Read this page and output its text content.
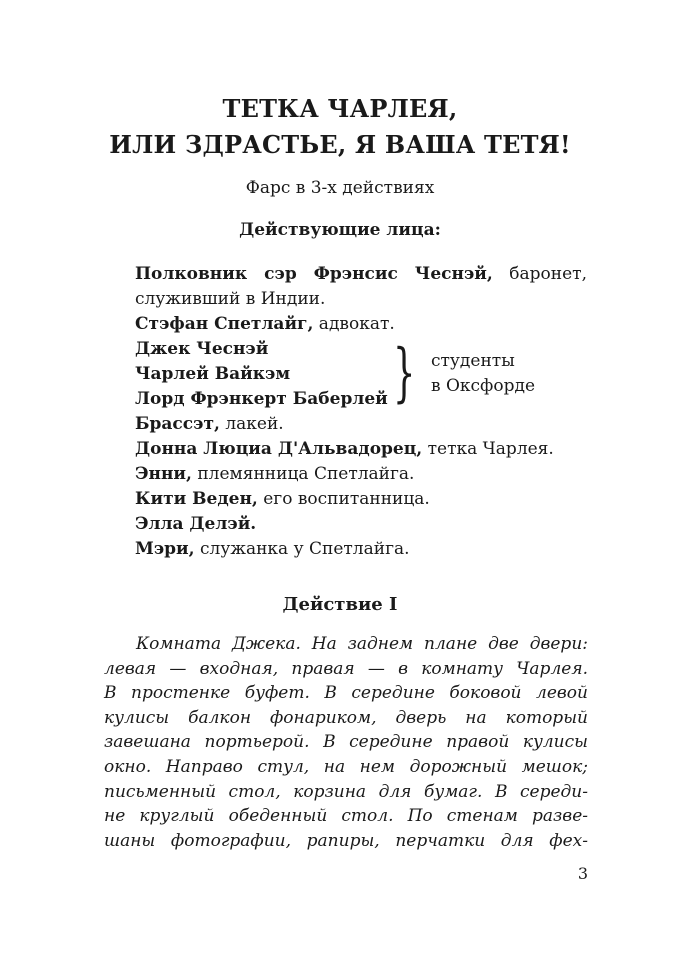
ТЕТКА ЧАРЛЕЯ,
ИЛИ ЗДРАСТЬЕ, Я ВАША ТЕТЯ!
Фарс в 3-х действиях
Действующие лица:
Полковник сэр Фрэнсис Чеснэй, баронет,
служивший в Индии.
Стэфан Спетлайг, адвокат.
Джек Чеснэй
Чарлей Вайкэм
Лорд Фрэнкерт Баберлей } студенты
в Оксфорде
Брассэт, лакей.
Донна Люциа Д'Альвадорец, тетка Чарлея.
Энни, племянница Спетлайга.
Кити Веден, его воспитанница.
Элла Делэй.
Мэри, служанка у Спетлайга.
Действие I
Комната Джека. На заднем плане две двери:
левая — входная, правая — в комнату Чарлея.
В простенке буфет. В середине боковой левой
кулисы балкон фонариком, дверь на который
завешана портьерой. В середине правой кулисы
окно. Направо стул, на нем дорожный мешок;
письменный стол, корзина для бумаг. В середи-
не круглый обеденный стол. По стенам разве-
шаны фотографии, рапиры, перчатки для фех-
3
